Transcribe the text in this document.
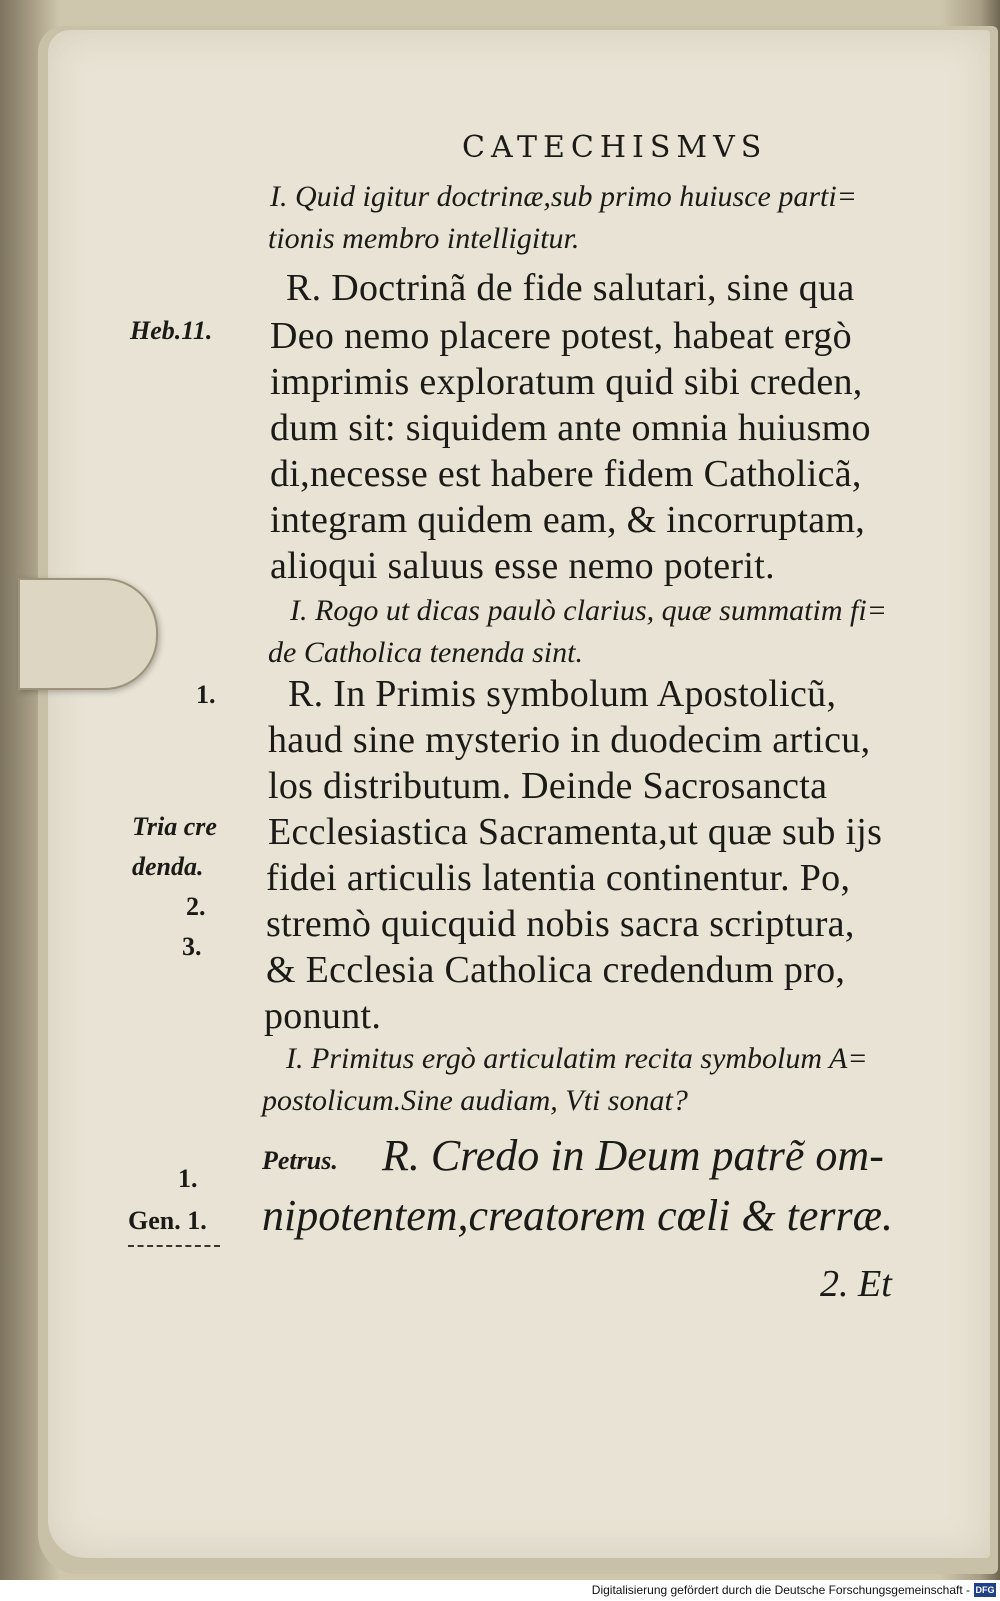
CATECHISMVS
I. Quid igitur doctrinæ,sub primo huiusce parti=
tionis membro intelligitur.
R. Doctrinã de fide salutari, sine qua
Deo nemo placere potest, habeat ergò
imprimis exploratum quid sibi creden,
dum sit: siquidem ante omnia huiusmo
di,necesse est habere fidem Catholicã,
integram quidem eam, & incorruptam,
alioqui saluus esse nemo poterit.
I. Rogo ut dicas paulò clarius, quæ summatim fi=
de Catholica tenenda sint.
R. In Primis symbolum Apostolicũ,
haud sine mysterio in duodecim articu,
los distributum. Deinde Sacrosancta
Ecclesiastica Sacramenta,ut quæ sub ijs
fidei articulis latentia continentur. Po,
stremò quicquid nobis sacra scriptura,
& Ecclesia Catholica credendum pro,
ponunt.
I. Primitus ergò articulatim recita symbolum A=
postolicum.Sine audiam, Vti sonat?
Petrus. R. Credo in Deum patrẽ om-
nipotentem,creatorem cœli & terræ.
2. Et
Heb.11.
1.
Tria cre
denda.
2.
3.
1.
Gen. 1.
Digitalisierung gefördert durch die Deutsche Forschungsgemeinschaft - DFG
